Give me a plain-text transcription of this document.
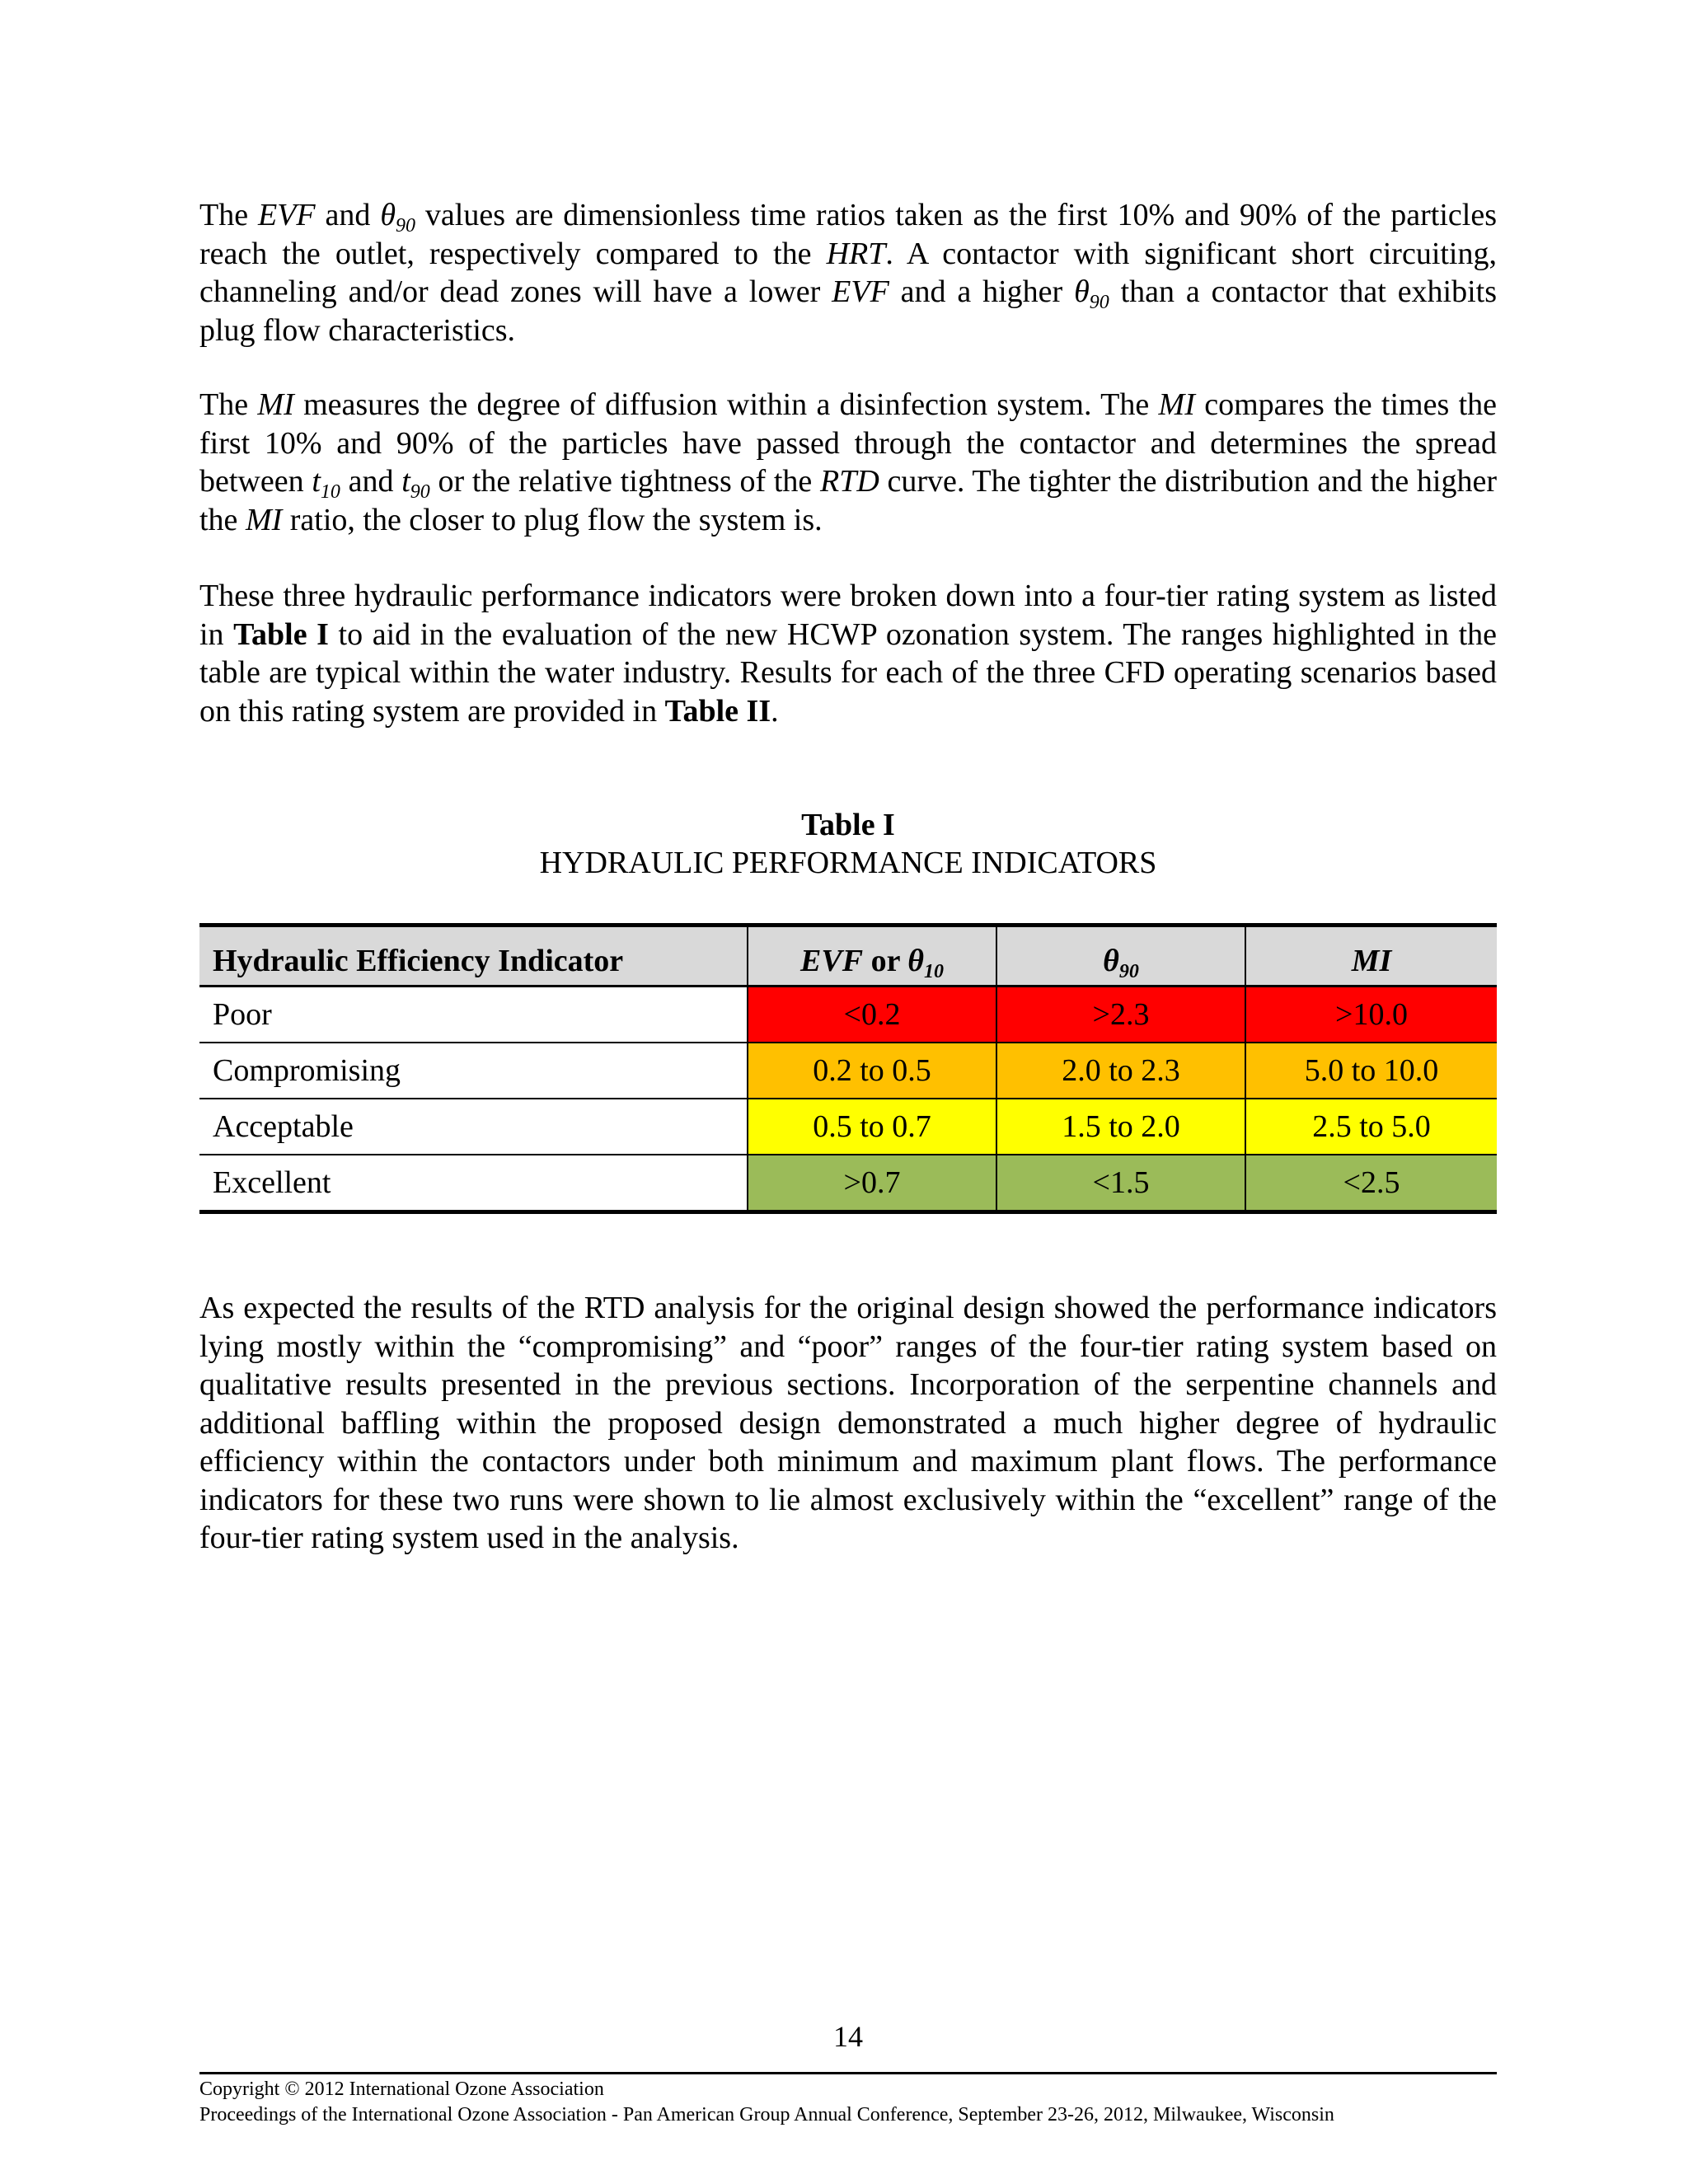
The EVF and $\theta_{90}$ values are dimensionless time ratios taken as the first 10% and 90% of the particles reach the outlet, respectively compared to the HRT. A contactor with significant short circuiting, channeling and/or dead zones will have a lower EVF and a higher $\theta_{90}$ than a contactor that exhibits plug flow characteristics.

The MI measures the degree of diffusion within a disinfection system. The MI compares the times the first 10% and 90% of the particles have passed through the contactor and determines the spread between $t_{10}$ and $t_{90}$ or the relative tightness of the RTD curve. The tighter the distribution and the higher the MI ratio, the closer to plug flow the system is.

These three hydraulic performance indicators were broken down into a four-tier rating system as listed in Table I to aid in the evaluation of the new HCWP ozonation system. The ranges highlighted in the table are typical within the water industry. Results for each of the three CFD operating scenarios based on this rating system are provided in Table II.

Table I
HYDRAULIC PERFORMANCE INDICATORS
Hydraulic Efficiency Indicator	EVF or $\theta_{10}$	$\theta_{90}$	MI
Poor	<0.2	>2.3	>10.0
Compromising	0.2 to 0.5	2.0 to 2.3	5.0 to 10.0
Acceptable	0.5 to 0.7	1.5 to 2.0	2.5 to 5.0
Excellent	>0.7	<1.5	<2.5

As expected the results of the RTD analysis for the original design showed the performance indicators lying mostly within the “compromising” and “poor” ranges of the four-tier rating system based on qualitative results presented in the previous sections. Incorporation of the serpentine channels and additional baffling within the proposed design demonstrated a much higher degree of hydraulic efficiency within the contactors under both minimum and maximum plant flows. The performance indicators for these two runs were shown to lie almost exclusively within the “excellent” range of the four-tier rating system used in the analysis.

14
Copyright © 2012 International Ozone Association
Proceedings of the International Ozone Association - Pan American Group Annual Conference, September 23-26, 2012, Milwaukee, Wisconsin
